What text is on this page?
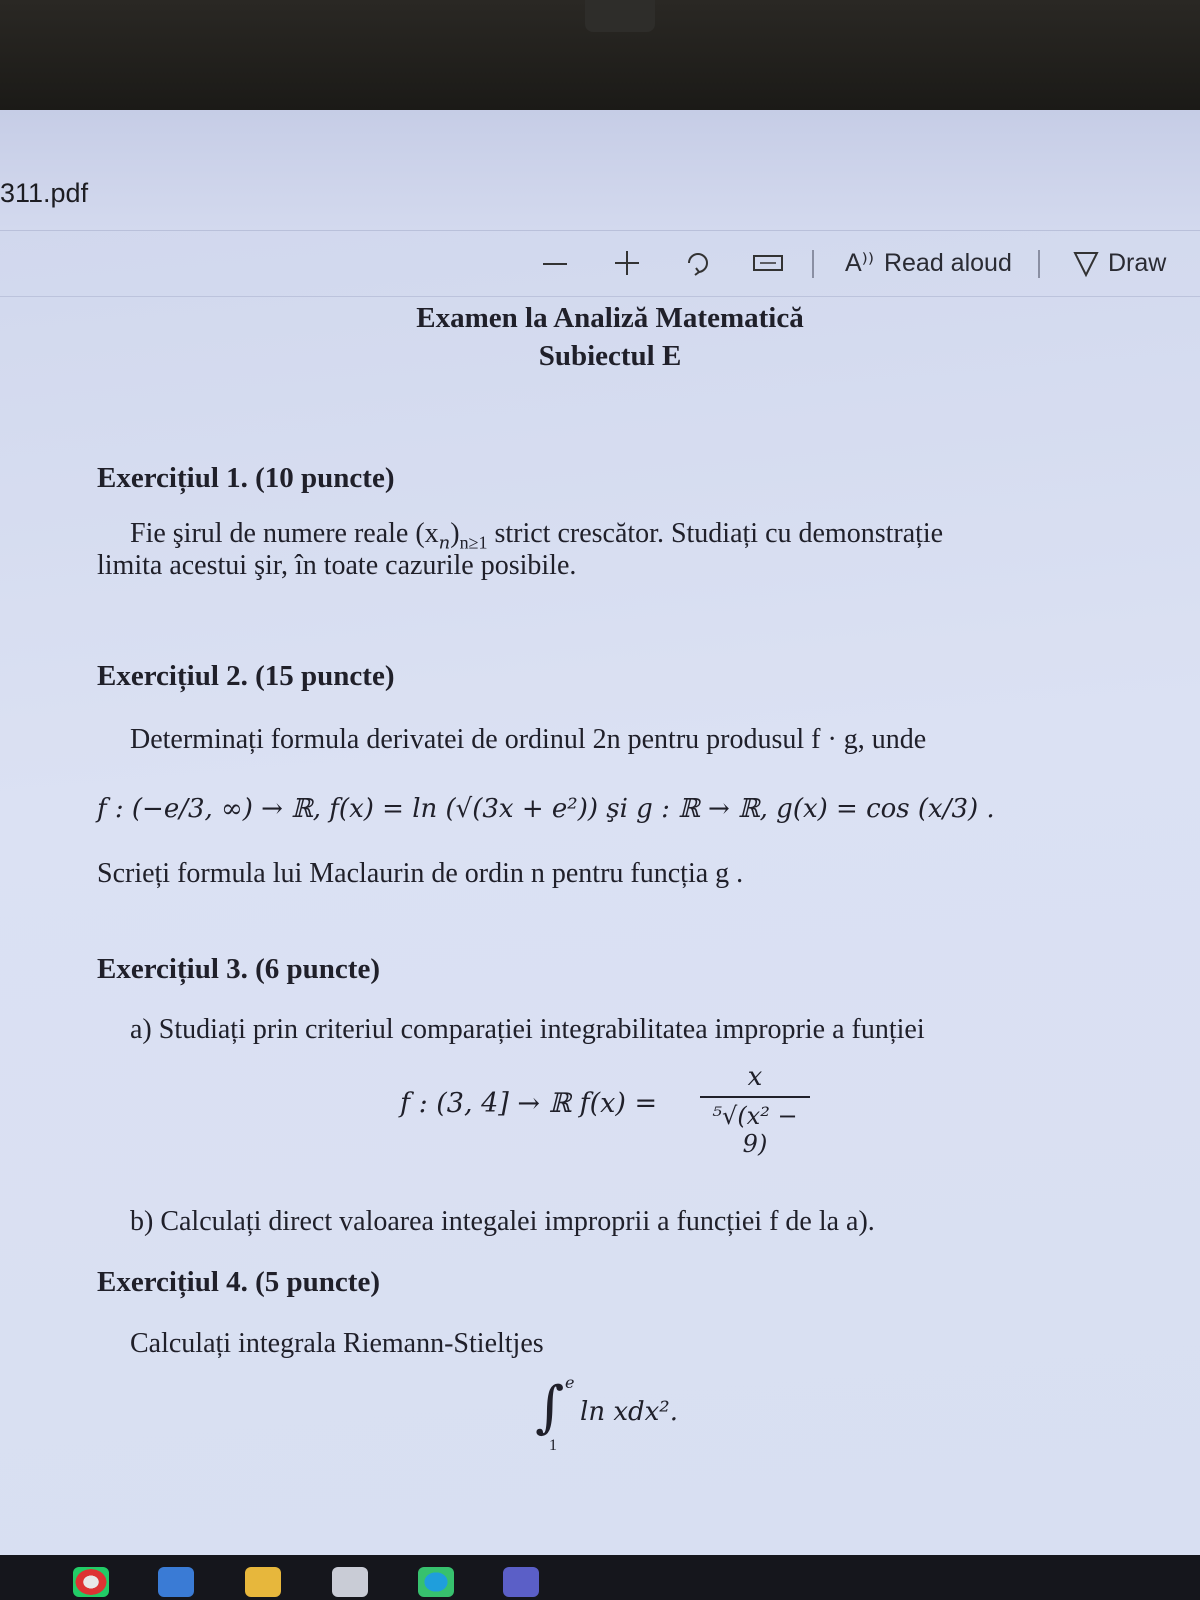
311.pdf
A⁾⁾ Read aloud	Draw
Examen la Analiză Matematică
Subiectul E
Exercițiul 1. (10 puncte)
Fie şirul de numere reale $(x_n)_{n\ge 1}$ strict crescător. Studiați cu demonstrație
limita acestui şir, în toate cazurile posibile.
Exercițiul 2. (15 puncte)
Determinați formula derivatei de ordinul 2n pentru produsul f · g, unde
f : (−e/3, ∞) → ℝ, f(x) = ln (√(3x + e²)) şi g : ℝ → ℝ, g(x) = cos (x/3) .
Scrieți formula lui Maclaurin de ordin n pentru funcția g .
Exercițiul 3. (6 puncte)
a) Studiați prin criteriul comparației integrabilitatea improprie a funției
f : (3, 4] → ℝ f(x) =
x
⁵√(x² − 9)
b) Calculați direct valoarea integalei improprii a funcției f de la a).
Exercițiul 4. (5 puncte)
Calculați integrala Riemann-Stieltjes
∫ e
1
ln xdx².
